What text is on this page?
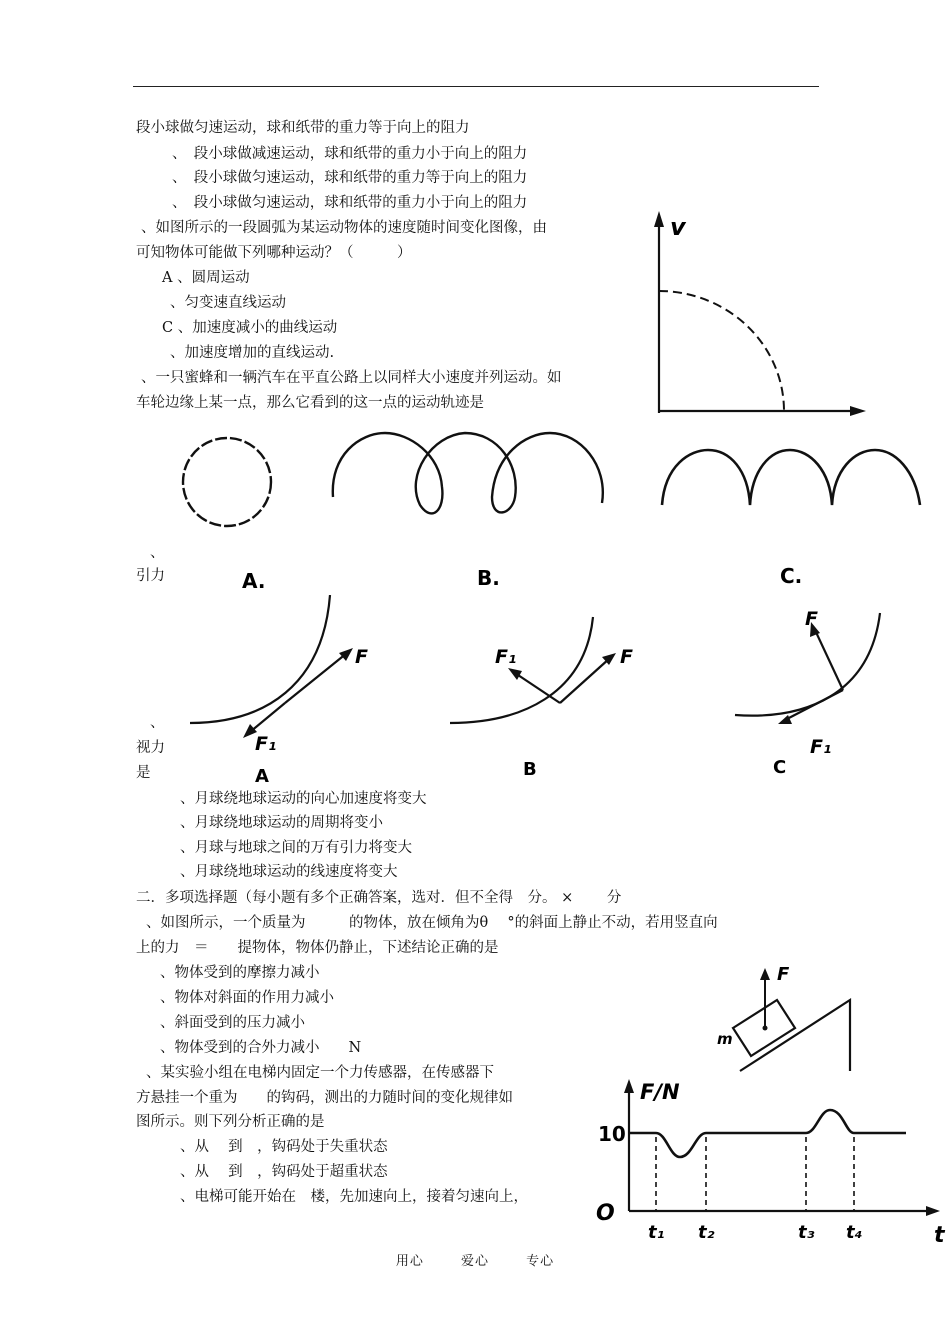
段小球做匀速运动，球和纸带的重力等于向上的阻力
、　段小球做减速运动，球和纸带的重力小于向上的阻力
、　段小球做匀速运动，球和纸带的重力等于向上的阻力
、　段小球做匀速运动，球和纸带的重力小于向上的阻力
、如图所示的一段圆弧为某运动物体的速度随时间变化图像，由
可知物体可能做下列哪种运动？（　　　）
A 、圆周运动
、匀变速直线运动
C 、加速度减小的曲线运动
、加速度增加的直线运动.
、一只蜜蜂和一辆汽车在平直公路上以同样大小速度并列运动。如
车轮边缘上某一点，那么它看到的这一点的运动轨迹是
、
引力
、
视力
是
、月球绕地球运动的向心加速度将变大
、月球绕地球运动的周期将变小
、月球与地球之间的万有引力将变大
、月球绕地球运动的线速度将变大
二．多项选择题（每小题有多个正确答案，选对．但不全得　分。 ×　　 分
、如图所示，一个质量为　　　的物体，放在倾角为θ　 °的斜面上静止不动，若用竖直向
上的力　＝　　提物体，物体仍静止，下述结论正确的是
、物体受到的摩擦力减小
、物体对斜面的作用力减小
、斜面受到的压力减小
、物体受到的合外力减小　　N
、某实验小组在电梯内固定一个力传感器，在传感器下
方悬挂一个重为　　的钩码，测出的力随时间的变化规律如
图所示。则下列分析正确的是
、从　 到　，钩码处于失重状态
、从　 到　，钩码处于超重状态
、电梯可能开始在　楼，先加速向上，接着匀速向上，
v
A.	B.	C.
F
F₁
A
F
F₁
B
F
F₁
C
F
m
F/N
10
O
t
t₁ t₂	t₃ t₄
用心	爱心	专心
